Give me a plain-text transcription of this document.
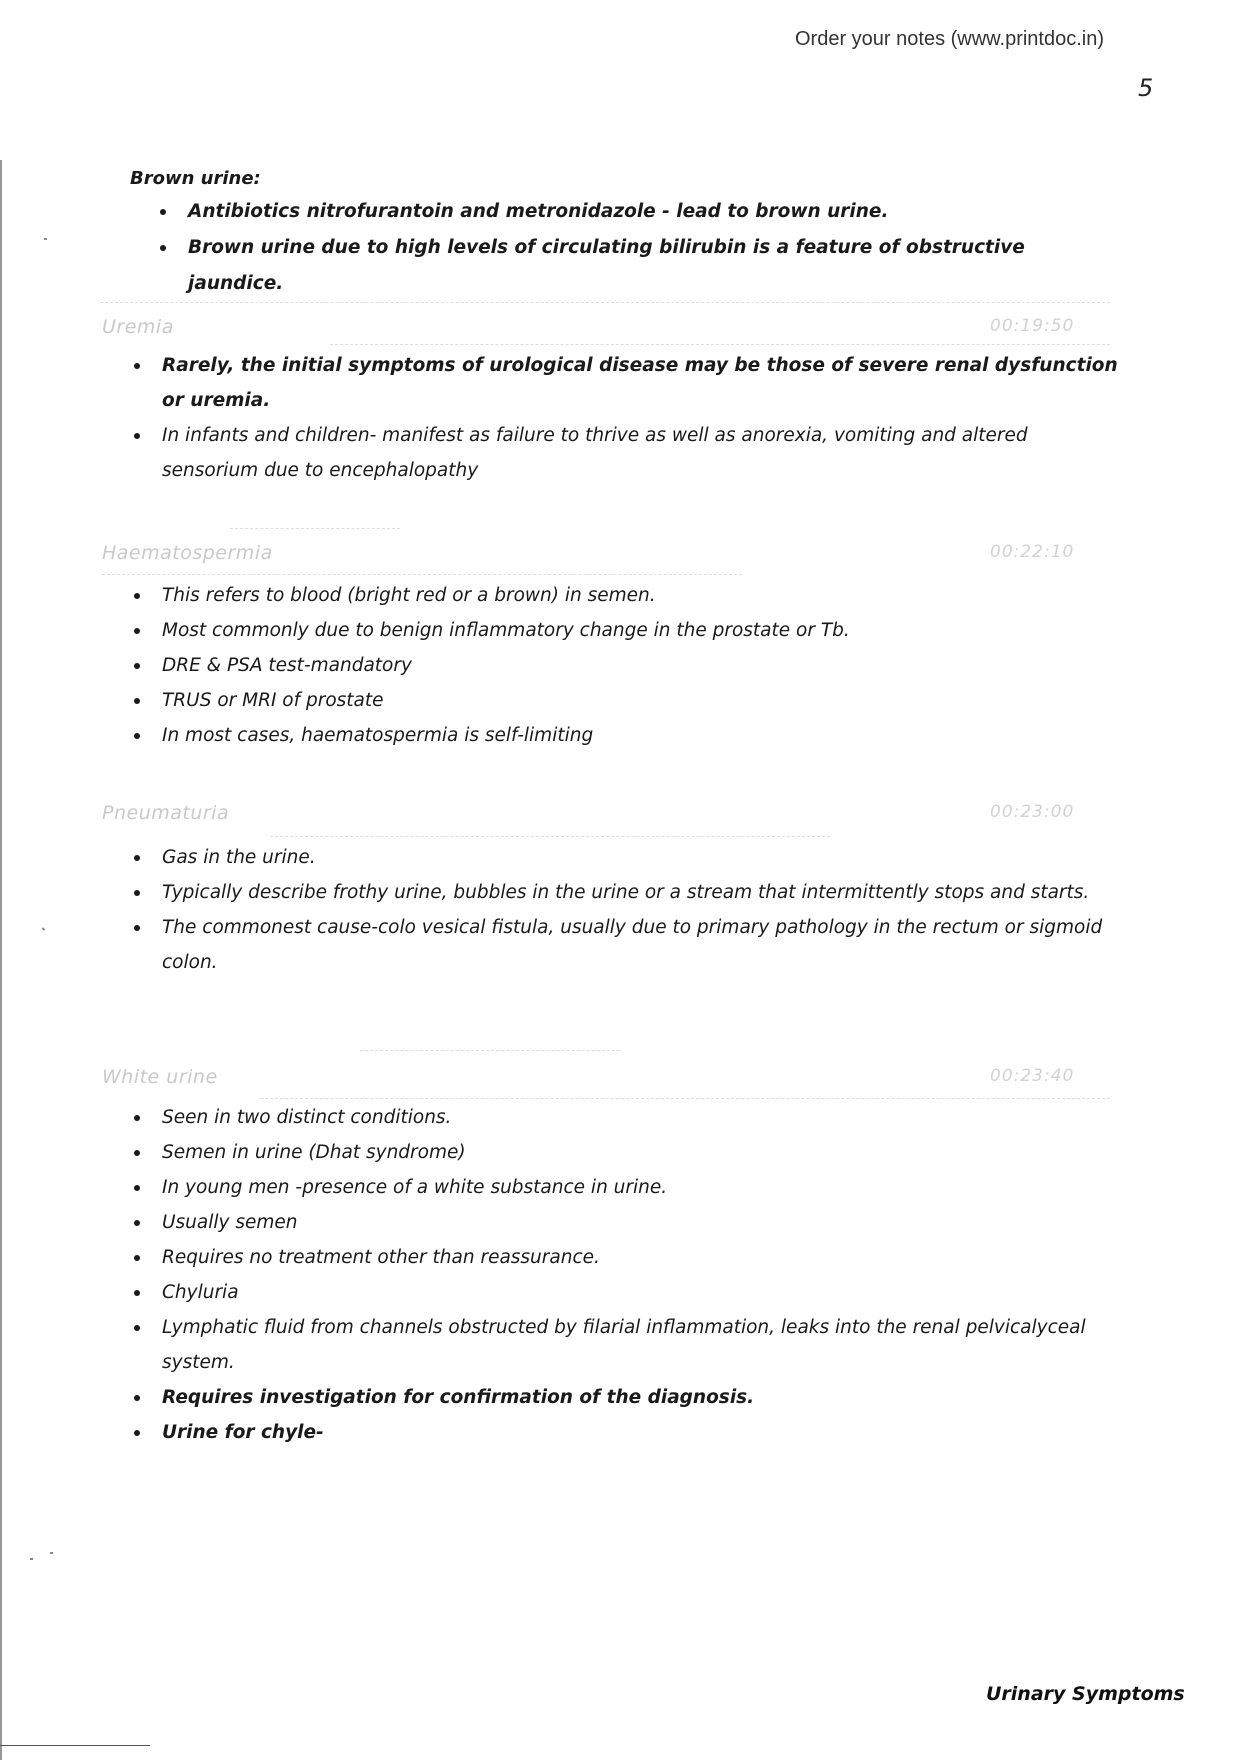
Order your notes (www.printdoc.in)
5
Brown urine:
Antibiotics nitrofurantoin and metronidazole - lead to brown urine.
Brown urine due to high levels of circulating bilirubin is a feature of obstructive jaundice.
Uremia	00:19:50
Rarely, the initial symptoms of urological disease may be those of severe renal dysfunction or uremia.
In infants and children- manifest as failure to thrive as well as anorexia, vomiting and altered sensorium due to encephalopathy
Haematospermia	00:22:10
This refers to blood (bright red or a brown) in semen.
Most commonly due to benign inflammatory change in the prostate or Tb.
DRE & PSA test-mandatory
TRUS or MRI of prostate
In most cases, haematospermia is self-limiting
Pneumaturia	00:23:00
Gas in the urine.
Typically describe frothy urine, bubbles in the urine or a stream that intermittently stops and starts.
The commonest cause-colo vesical fistula, usually due to primary pathology in the rectum or sigmoid colon.
White urine	00:23:40
Seen in two distinct conditions.
Semen in urine (Dhat syndrome)
In young men -presence of a white substance in urine.
Usually semen
Requires no treatment other than reassurance.
Chyluria
Lymphatic fluid from channels obstructed by filarial inflammation, leaks into the renal pelvicalyceal system.
Requires investigation for confirmation of the diagnosis.
Urine for chyle-
Urinary Symptoms
